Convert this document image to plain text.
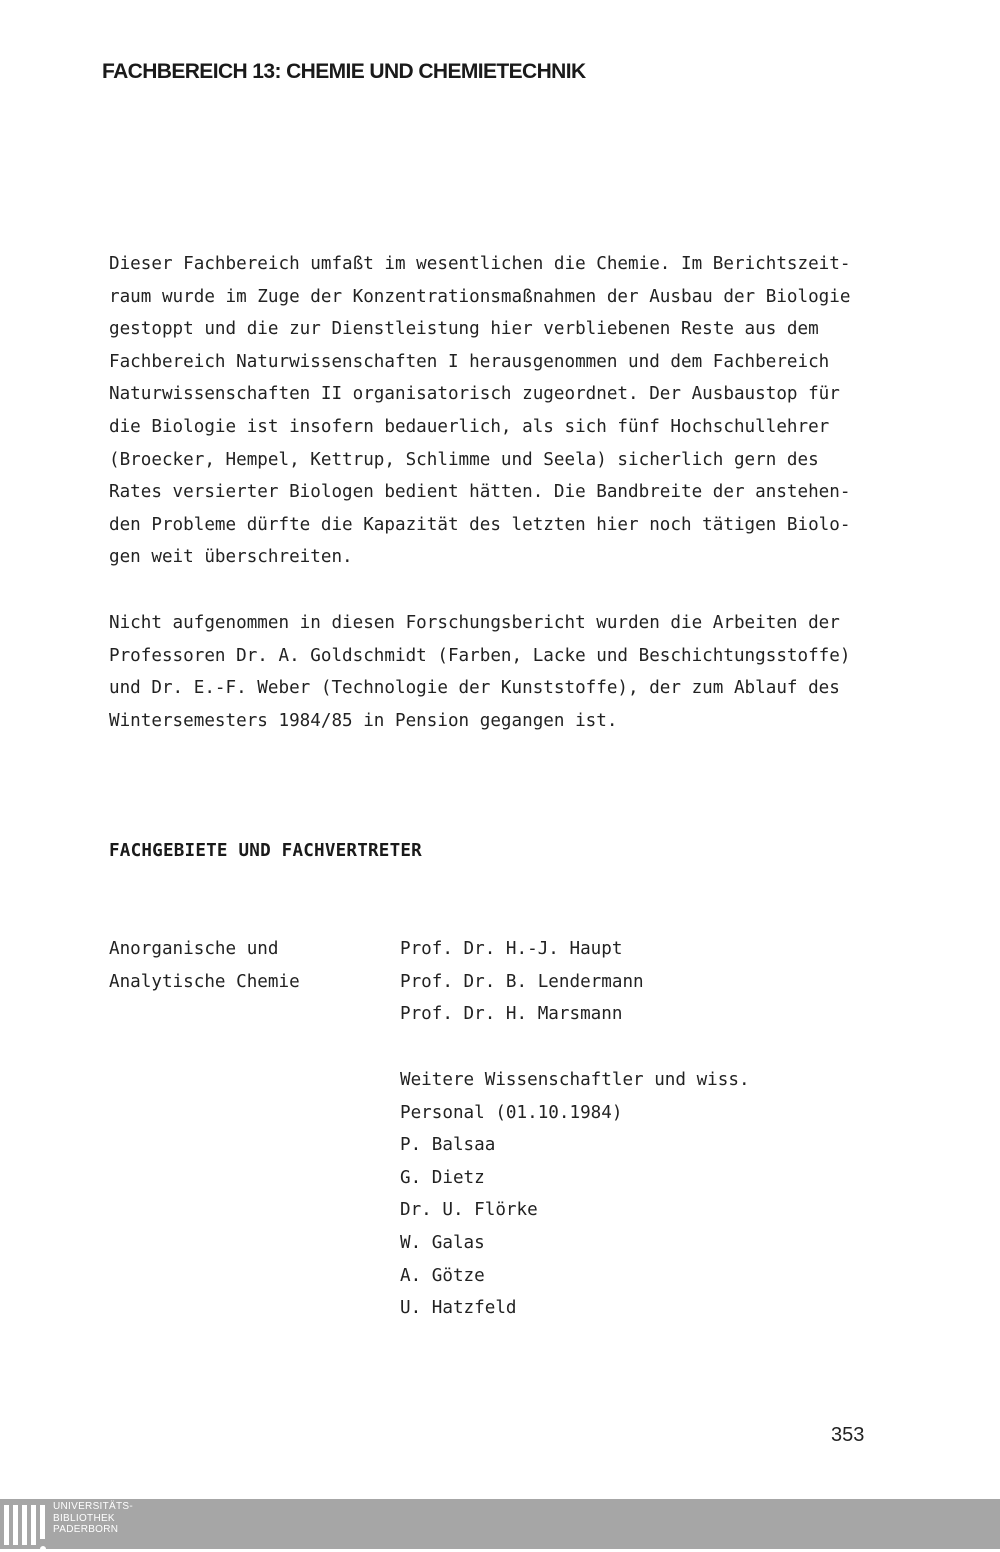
FACHBEREICH 13: CHEMIE UND CHEMIETECHNIK

Dieser Fachbereich umfaßt im wesentlichen die Chemie. Im Berichtszeit-

raum wurde im Zuge der Konzentrationsmaßnahmen der Ausbau der Biologie

gestoppt und die zur Dienstleistung hier verbliebenen Reste aus dem

Fachbereich Naturwissenschaften I herausgenommen und dem Fachbereich

Naturwissenschaften II organisatorisch zugeordnet. Der Ausbaustop für

die Biologie ist insofern bedauerlich, als sich fünf Hochschullehrer

(Broecker, Hempel, Kettrup, Schlimme und Seela) sicherlich gern des

Rates versierter Biologen bedient hätten. Die Bandbreite der anstehen-

den Probleme dürfte die Kapazität des letzten hier noch tätigen Biolo-

gen weit überschreiten.

Nicht aufgenommen in diesen Forschungsbericht wurden die Arbeiten der

Professoren Dr. A. Goldschmidt (Farben, Lacke und Beschichtungsstoffe)

und Dr. E.-F. Weber (Technologie der Kunststoffe), der zum Ablauf des

Wintersemesters 1984/85 in Pension gegangen ist.

FACHGEBIETE UND FACHVERTRETER
Anorganische und
Analytische Chemie
Prof. Dr. H.-J. Haupt
Prof. Dr. B. Lendermann
Prof. Dr. H. Marsmann
Weitere Wissenschaftler und wiss.
Personal (01.10.1984)
P. Balsaa
G. Dietz
Dr. U. Flörke
W. Galas
A. Götze
U. Hatzfeld
353
UNIVERSITÄTS-
BIBLIOTHEK
PADERBORN
